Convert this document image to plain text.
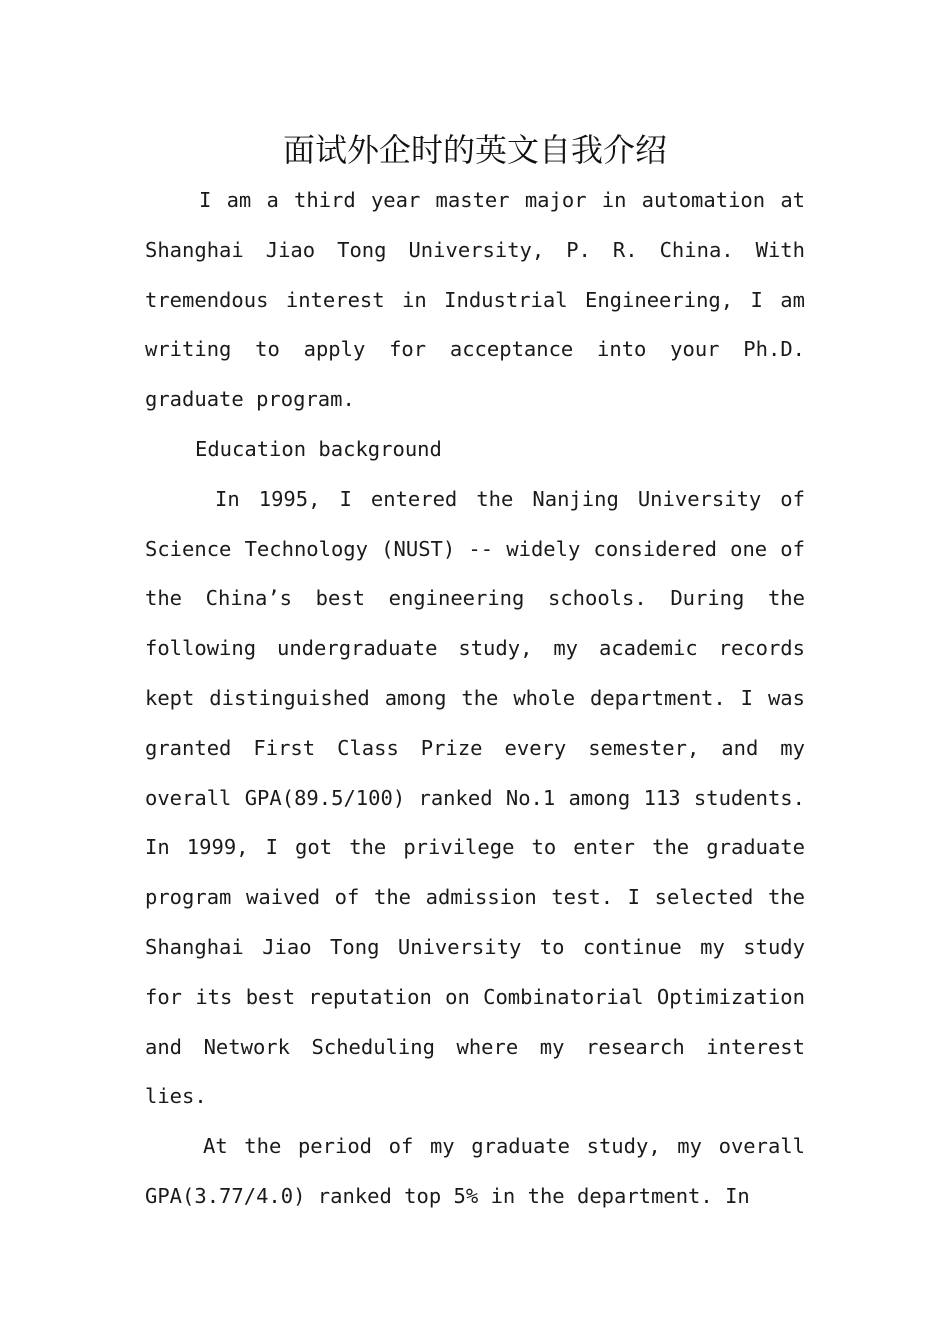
面试外企时的英文自我介绍

I am a third year master major in automation at Shanghai Jiao Tong University, P. R. China. With tremendous interest in Industrial Engineering, I am writing to apply for acceptance into your Ph.D. graduate program.

Education background

In 1995, I entered the Nanjing University of Science Technology (NUST) -- widely considered one of the China’s best engineering schools. During the following undergraduate study, my academic records kept distinguished among the whole department. I was granted First Class Prize every semester, and my overall GPA(89.5/100) ranked No.1 among 113 students. In 1999, I got the privilege to enter the graduate program waived of the admission test. I selected the Shanghai Jiao Tong University to continue my study for its best reputation on Combinatorial Optimization and Network Scheduling where my research interest lies.

At the period of my graduate study, my overall GPA(3.77/4.0) ranked top 5% in the department. In
